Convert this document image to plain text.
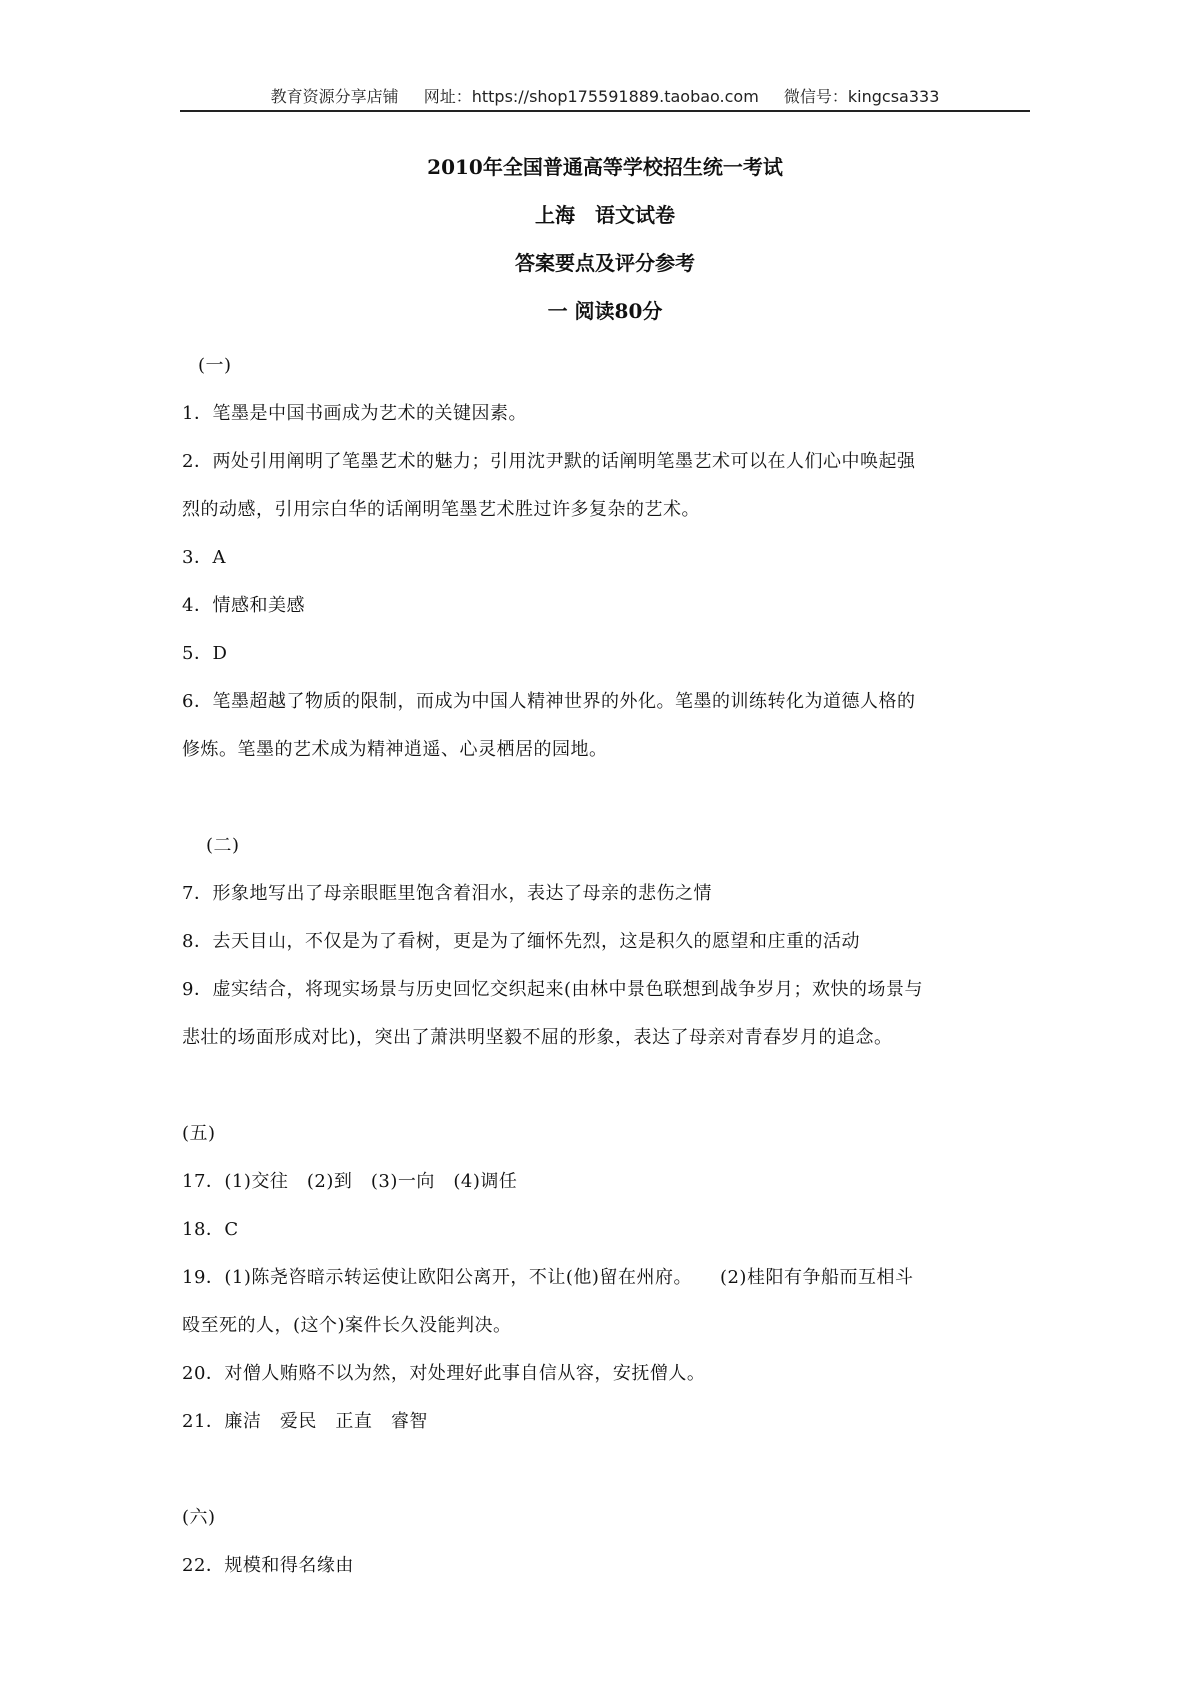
教育资源分享店铺 网址：https://shop175591889.taobao.com 微信号：kingcsa333
2010年全国普通高等学校招生统一考试
上海　语文试卷
答案要点及评分参考
一 阅读80分

(一)

1．笔墨是中国书画成为艺术的关键因素。

2．两处引用阐明了笔墨艺术的魅力；引用沈尹默的话阐明笔墨艺术可以在人们心中唤起强

烈的动感，引用宗白华的话阐明笔墨艺术胜过许多复杂的艺术。

3．A

4．情感和美感

5．D

6．笔墨超越了物质的限制，而成为中国人精神世界的外化。笔墨的训练转化为道德人格的

修炼。笔墨的艺术成为精神逍遥、心灵栖居的园地。

(二)

7．形象地写出了母亲眼眶里饱含着泪水，表达了母亲的悲伤之情

8．去天目山，不仅是为了看树，更是为了缅怀先烈，这是积久的愿望和庄重的活动

9．虚实结合，将现实场景与历史回忆交织起来(由林中景色联想到战争岁月；欢快的场景与

悲壮的场面形成对比)，突出了萧洪明坚毅不屈的形象，表达了母亲对青春岁月的追念。

(五)

17．(1)交往　(2)到　(3)一向　(4)调任

18．C

19．(1)陈尧咨暗示转运使让欧阳公离开，不让(他)留在州府。　　(2)桂阳有争船而互相斗

殴至死的人，(这个)案件长久没能判决。

20．对僧人贿赂不以为然，对处理好此事自信从容，安抚僧人。

21．廉洁　爱民　正直　睿智

(六)

22．规模和得名缘由
